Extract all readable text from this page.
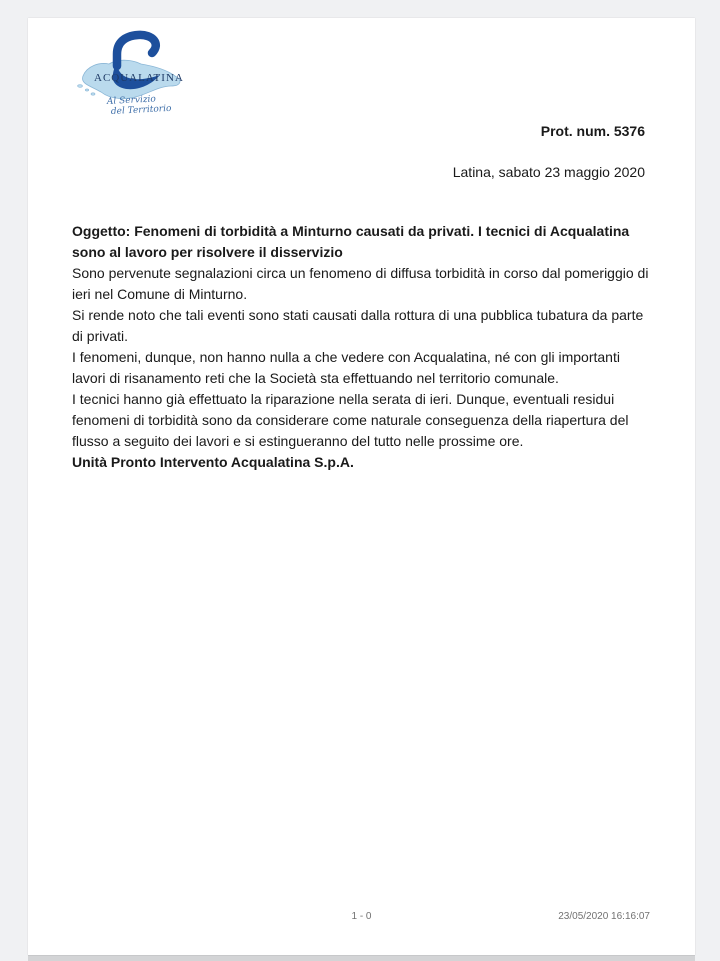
ACQUALATINA
Al Servizio
del Territorio
Prot. num. 5376
Latina, sabato 23 maggio 2020

Oggetto: Fenomeni di torbidità a Minturno causati da privati. I tecnici di Acqualatina sono al lavoro per risolvere il disservizio

Sono pervenute segnalazioni circa un fenomeno di diffusa torbidità in corso dal pomeriggio di ieri nel Comune di Minturno.

Si rende noto che tali eventi sono stati causati dalla rottura di una pubblica tubatura da parte di privati.

I fenomeni, dunque, non hanno nulla a che vedere con Acqualatina, né con gli importanti lavori di risanamento reti che la Società sta effettuando nel territorio comunale.

I tecnici hanno già effettuato la riparazione nella serata di ieri. Dunque, eventuali residui fenomeni di torbidità sono da considerare come naturale conseguenza della riapertura del flusso a seguito dei lavori e si estingueranno del tutto nelle prossime ore.

Unità Pronto Intervento Acqualatina S.p.A.

1 - 0	23/05/2020 16:16:07
